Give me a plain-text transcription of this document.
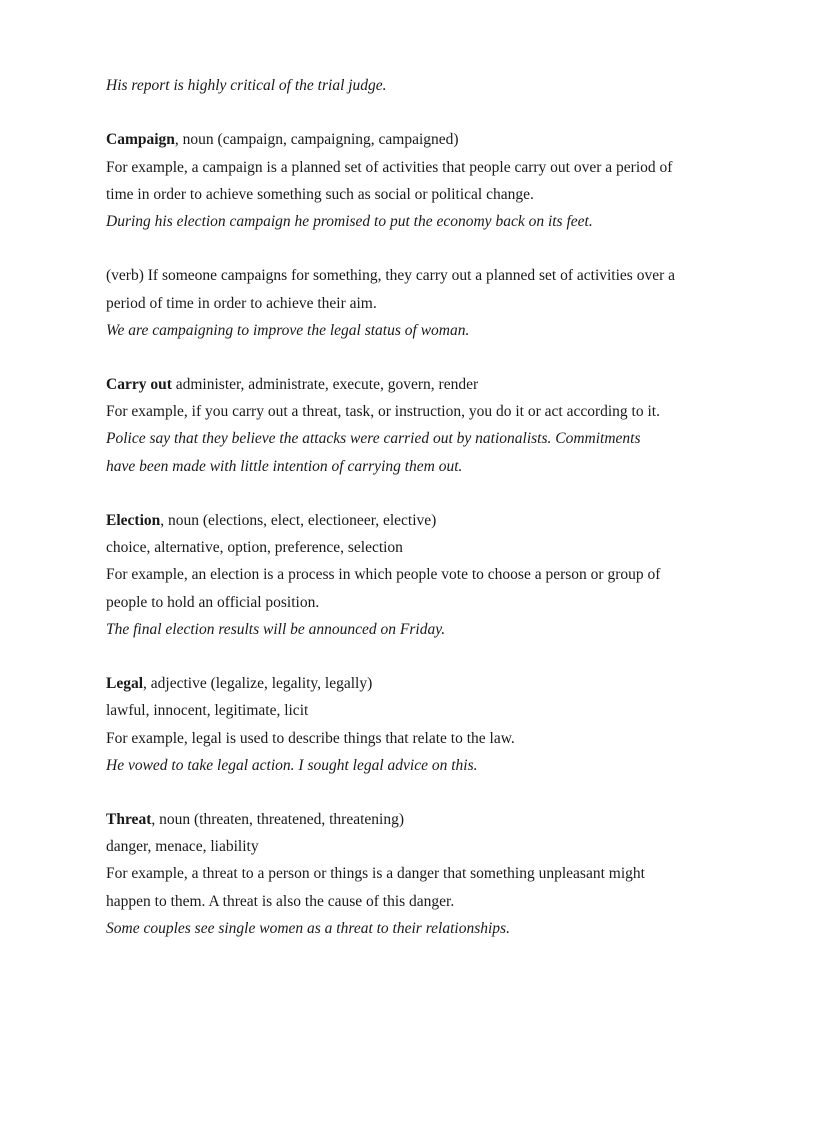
His report is highly critical of the trial judge.
Campaign, noun (campaign, campaigning, campaigned)
For example, a campaign is a planned set of activities that people carry out over a period of
time in order to achieve something such as social or political change.
During his election campaign he promised to put the economy back on its feet.
(verb) If someone campaigns for something, they carry out a planned set of activities over a
period of time in order to achieve their aim.
We are campaigning to improve the legal status of woman.
Carry out administer, administrate, execute, govern, render
For example, if you carry out a threat, task, or instruction, you do it or act according to it.
Police say that they believe the attacks were carried out by nationalists. Commitments
have been made with little intention of carrying them out.
Election, noun (elections, elect, electioneer, elective)
choice, alternative, option, preference, selection
For example, an election is a process in which people vote to choose a person or group of
people to hold an official position.
The final election results will be announced on Friday.
Legal, adjective (legalize, legality, legally)
lawful, innocent, legitimate, licit
For example, legal is used to describe things that relate to the law.
He vowed to take legal action. I sought legal advice on this.
Threat, noun (threaten, threatened, threatening)
danger, menace, liability
For example, a threat to a person or things is a danger that something unpleasant might
happen to them. A threat is also the cause of this danger.
Some couples see single women as a threat to their relationships.
